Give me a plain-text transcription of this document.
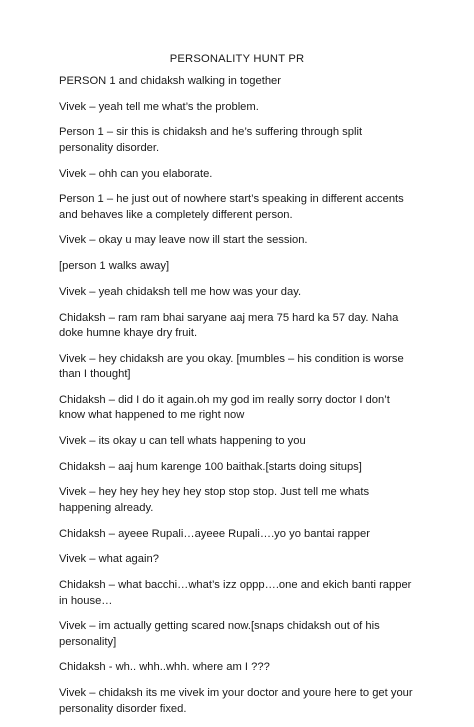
PERSONALITY HUNT PR

PERSON 1 and chidaksh walking in together

Vivek – yeah tell me what’s the problem.

Person 1 – sir this is chidaksh and he’s suffering through split personality disorder.

Vivek – ohh can you elaborate.

Person 1 – he just out of nowhere start’s speaking in different accents and behaves like a completely different person.

Vivek – okay u may leave now ill start the session.

[person 1 walks away]

Vivek – yeah chidaksh tell me how was your day.

Chidaksh – ram ram bhai saryane aaj mera 75 hard ka 57 day. Naha doke humne khaye dry fruit.

Vivek – hey chidaksh are you okay. [mumbles – his condition is worse than I thought]

Chidaksh – did I do it again.oh my god im really sorry doctor I don’t know what happened to me right now

Vivek – its okay u can tell whats happening to you

Chidaksh – aaj hum karenge 100 baithak.[starts doing situps]

Vivek – hey hey hey hey hey stop stop stop. Just tell me whats happening already.

Chidaksh – ayeee Rupali…ayeee Rupali….yo yo bantai rapper

Vivek – what again?

Chidaksh – what bacchi…what’s izz oppp….one and ekich banti rapper in house…

Vivek – im actually getting scared now.[snaps chidaksh out of his personality]

Chidaksh - wh.. whh..whh. where am I ???

Vivek – chidaksh its me vivek im your doctor and youre here to get your personality disorder fixed.
